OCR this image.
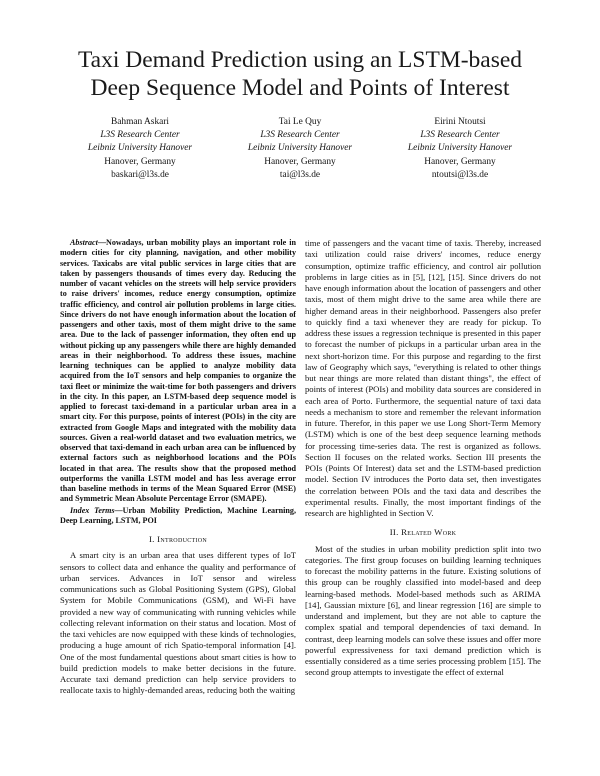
Taxi Demand Prediction using an LSTM-based
Deep Sequence Model and Points of Interest
Bahman Askari
L3S Research Center
Leibniz University Hanover
Hanover, Germany
baskari@l3s.de
Tai Le Quy
L3S Research Center
Leibniz University Hanover
Hanover, Germany
tai@l3s.de
Eirini Ntoutsi
L3S Research Center
Leibniz University Hanover
Hanover, Germany
ntoutsi@l3s.de

Abstract—Nowadays, urban mobility plays an important role in modern cities for city planning, navigation, and other mobility services. Taxicabs are vital public services in large cities that are taken by passengers thousands of times every day. Reducing the number of vacant vehicles on the streets will help service providers to raise drivers' incomes, reduce energy consumption, optimize traffic efficiency, and control air pollution problems in large cities. Since drivers do not have enough information about the location of passengers and other taxis, most of them might drive to the same area. Due to the lack of passenger information, they often end up without picking up any passengers while there are highly demanded areas in their neighborhood. To address these issues, machine learning techniques can be applied to analyze mobility data acquired from the IoT sensors and help companies to organize the taxi fleet or minimize the wait-time for both passengers and drivers in the city. In this paper, an LSTM-based deep sequence model is applied to forecast taxi-demand in a particular urban area in a smart city. For this purpose, points of interest (POIs) in the city are extracted from Google Maps and integrated with the mobility data sources. Given a real-world dataset and two evaluation metrics, we observed that taxi-demand in each urban area can be influenced by external factors such as neighborhood locations and the POIs located in that area. The results show that the proposed method outperforms the vanilla LSTM model and has less average error than baseline methods in terms of the Mean Squared Error (MSE) and Symmetric Mean Absolute Percentage Error (SMAPE).

Index Terms—Urban Mobility Prediction, Machine Learning, Deep Learning, LSTM, POI

I. Introduction

A smart city is an urban area that uses different types of IoT sensors to collect data and enhance the quality and performance of urban services. Advances in IoT sensor and wireless communications such as Global Positioning System (GPS), Global System for Mobile Communications (GSM), and Wi-Fi have provided a new way of communicating with running vehicles while collecting relevant information on their status and location. Most of the taxi vehicles are now equipped with these kinds of technologies, producing a huge amount of rich Spatio-temporal information [4]. One of the most fundamental questions about smart cities is how to build prediction models to make better decisions in the future. Accurate taxi demand prediction can help service providers to reallocate taxis to highly-demanded areas, reducing both the waiting

time of passengers and the vacant time of taxis. Thereby, increased taxi utilization could raise drivers' incomes, reduce energy consumption, optimize traffic efficiency, and control air pollution problems in large cities as in [5], [12], [15]. Since drivers do not have enough information about the location of passengers and other taxis, most of them might drive to the same area while there are higher demand areas in their neighborhood. Passengers also prefer to quickly find a taxi whenever they are ready for pickup. To address these issues a regression technique is presented in this paper to forecast the number of pickups in a particular urban area in the next short-horizon time. For this purpose and regarding to the first law of Geography which says, "everything is related to other things but near things are more related than distant things", the effect of points of interest (POIs) and mobility data sources are considered in each area of Porto. Furthermore, the sequential nature of taxi data needs a mechanism to store and remember the relevant information in future. Therefor, in this paper we use Long Short-Term Memory (LSTM) which is one of the best deep sequence learning methods for processing time-series data. The rest is organized as follows. Section II focuses on the related works. Section III presents the POIs (Points Of Interest) data set and the LSTM-based prediction model. Section IV introduces the Porto data set, then investigates the correlation between POIs and the taxi data and describes the experimental results. Finally, the most important findings of the research are highlighted in Section V.

II. Related Work

Most of the studies in urban mobility prediction split into two categories. The first group focuses on building learning techniques to forecast the mobility patterns in the future. Existing solutions of this group can be roughly classified into model-based and deep learning-based methods. Model-based methods such as ARIMA [14], Gaussian mixture [6], and linear regression [16] are simple to understand and implement, but they are not able to capture the complex spatial and temporal dependencies of taxi demand. In contrast, deep learning models can solve these issues and offer more powerful expressiveness for taxi demand prediction which is essentially considered as a time series processing problem [15]. The second group attempts to investigate the effect of external
